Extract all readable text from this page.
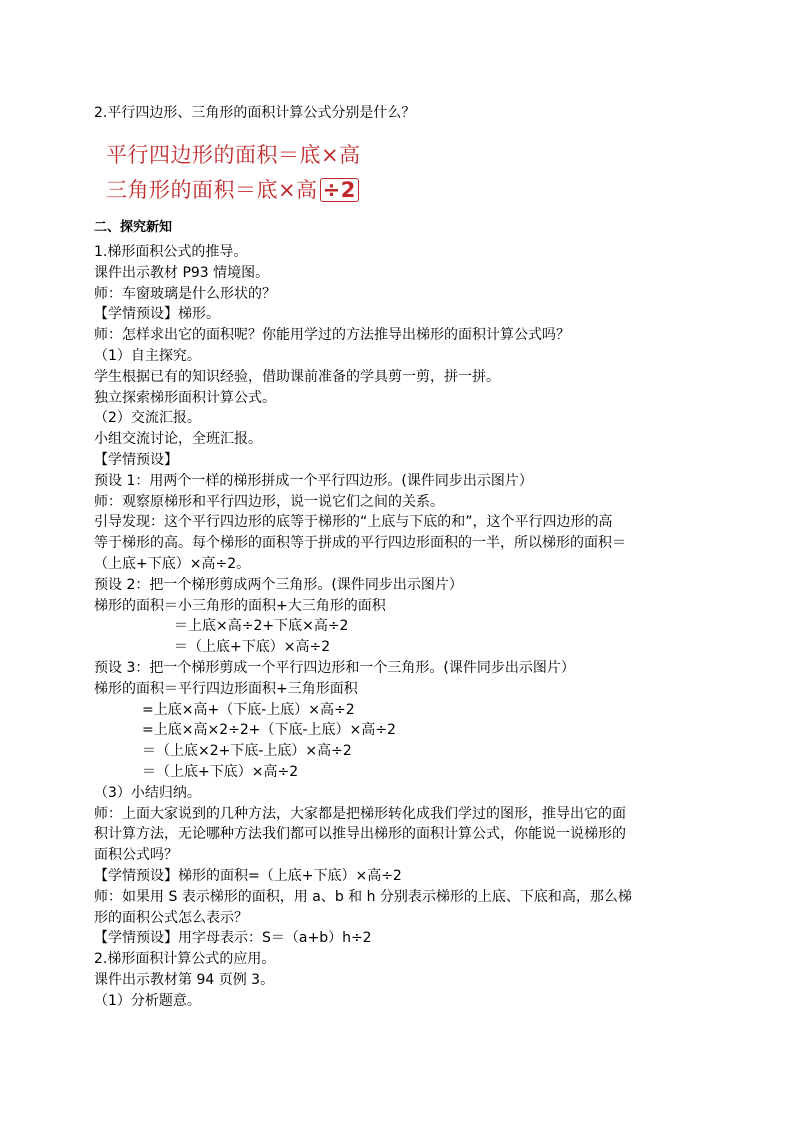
2.平行四边形、三角形的面积计算公式分别是什么？
平行四边形的面积＝底×高
三角形的面积＝底×高 ÷2
二、探究新知
1.梯形面积公式的推导。
课件出示教材 P93 情境图。
师：车窗玻璃是什么形状的？
【学情预设】梯形。
师：怎样求出它的面积呢？你能用学过的方法推导出梯形的面积计算公式吗？
（1）自主探究。
学生根据已有的知识经验，借助课前准备的学具剪一剪，拼一拼。
独立探索梯形面积计算公式。
（2）交流汇报。
小组交流讨论，全班汇报。
【学情预设】
预设 1：用两个一样的梯形拼成一个平行四边形。(课件同步出示图片）
师：观察原梯形和平行四边形，说一说它们之间的关系。
引导发现：这个平行四边形的底等于梯形的“上底与下底的和”，这个平行四边形的高
等于梯形的高。每个梯形的面积等于拼成的平行四边形面积的一半，所以梯形的面积＝
（上底+下底）×高÷2。
预设 2：把一个梯形剪成两个三角形。(课件同步出示图片）
梯形的面积＝小三角形的面积+大三角形的面积
＝上底×高÷2+下底×高÷2
＝（上底+下底）×高÷2
预设 3：把一个梯形剪成一个平行四边形和一个三角形。(课件同步出示图片）
梯形的面积＝平行四边形面积+三角形面积
=上底×高+（下底-上底）×高÷2
=上底×高×2÷2+（下底-上底）×高÷2
＝（上底×2+下底-上底）×高÷2
＝（上底+下底）×高÷2
（3）小结归纳。
师：上面大家说到的几种方法，大家都是把梯形转化成我们学过的图形，推导出它的面
积计算方法，无论哪种方法我们都可以推导出梯形的面积计算公式，你能说一说梯形的
面积公式吗？
【学情预设】梯形的面积=（上底+下底）×高÷2
师：如果用 S 表示梯形的面积，用 a、b 和 h 分别表示梯形的上底、下底和高，那么梯
形的面积公式怎么表示？
【学情预设】用字母表示：S＝（a+b）h÷2
2.梯形面积计算公式的应用。
课件出示教材第 94 页例 3。
（1）分析题意。
